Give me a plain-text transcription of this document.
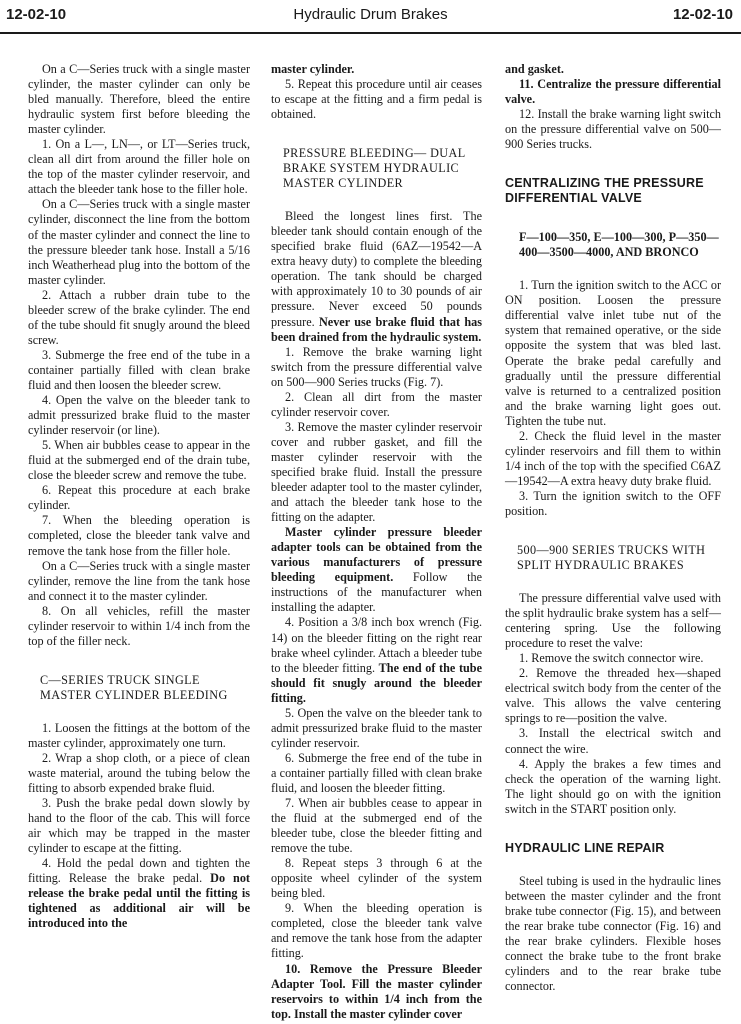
12-02-10	Hydraulic Drum Brakes	12-02-10

On a C—Series truck with a single master cylinder, the master cylinder can only be bled manually. Therefore, bleed the entire hydraulic system first before bleeding the master cylinder.

1. On a L—, LN—, or LT—Series truck, clean all dirt from around the filler hole on the top of the master cylinder reservoir, and attach the bleeder tank hose to the filler hole.

On a C—Series truck with a single master cylinder, disconnect the line from the bottom of the master cylinder and connect the line to the pressure bleeder tank hose. Install a 5/16 inch Weatherhead plug into the bottom of the master cylinder.

2. Attach a rubber drain tube to the bleeder screw of the brake cylinder. The end of the tube should fit snugly around the bleed screw.

3. Submerge the free end of the tube in a container partially filled with clean brake fluid and then loosen the bleeder screw.

4. Open the valve on the bleeder tank to admit pressurized brake fluid to the master cylinder reservoir (or line).

5. When air bubbles cease to appear in the fluid at the submerged end of the drain tube, close the bleeder screw and remove the tube.

6. Repeat this procedure at each brake cylinder.

7. When the bleeding operation is completed, close the bleeder tank valve and remove the tank hose from the filler hole.

On a C—Series truck with a single master cylinder, remove the line from the tank hose and connect it to the master cylinder.

8. On all vehicles, refill the master cylinder reservoir to within 1/4 inch from the top of the filler neck.

C—SERIES TRUCK SINGLE MASTER CYLINDER BLEEDING

1. Loosen the fittings at the bottom of the master cylinder, approximately one turn.

2. Wrap a shop cloth, or a piece of clean waste material, around the tubing below the fitting to absorb expended brake fluid.

3. Push the brake pedal down slowly by hand to the floor of the cab. This will force air which may be trapped in the master cylinder to escape at the fitting.

4. Hold the pedal down and tighten the fitting. Release the brake pedal. Do not release the brake pedal until the fitting is tightened as additional air will be introduced into the

master cylinder.

5. Repeat this procedure until air ceases to escape at the fitting and a firm pedal is obtained.

PRESSURE BLEEDING— DUAL BRAKE SYSTEM HYDRAULIC MASTER CYLINDER

Bleed the longest lines first. The bleeder tank should contain enough of the specified brake fluid (6AZ—19542—A extra heavy duty) to complete the bleeding operation. The tank should be charged with approximately 10 to 30 pounds of air pressure. Never exceed 50 pounds pressure. Never use brake fluid that has been drained from the hydraulic system.

1. Remove the brake warning light switch from the pressure differential valve on 500—900 Series trucks (Fig. 7).

2. Clean all dirt from the master cylinder reservoir cover.

3. Remove the master cylinder reservoir cover and rubber gasket, and fill the master cylinder reservoir with the specified brake fluid. Install the pressure bleeder adapter tool to the master cylinder, and attach the bleeder tank hose to the fitting on the adapter.

Master cylinder pressure bleeder adapter tools can be obtained from the various manufacturers of pressure bleeding equipment. Follow the instructions of the manufacturer when installing the adapter.

4. Position a 3/8 inch box wrench (Fig. 14) on the bleeder fitting on the right rear brake wheel cylinder. Attach a bleeder tube to the bleeder fitting. The end of the tube should fit snugly around the bleeder fitting.

5. Open the valve on the bleeder tank to admit pressurized brake fluid to the master cylinder reservoir.

6. Submerge the free end of the tube in a container partially filled with clean brake fluid, and loosen the bleeder fitting.

7. When air bubbles cease to appear in the fluid at the submerged end of the bleeder tube, close the bleeder fitting and remove the tube.

8. Repeat steps 3 through 6 at the opposite wheel cylinder of the system being bled.

9. When the bleeding operation is completed, close the bleeder tank valve and remove the tank hose from the adapter fitting.

10. Remove the Pressure Bleeder Adapter Tool. Fill the master cylinder reservoirs to within 1/4 inch from the top. Install the master cylinder cover

and gasket.

11. Centralize the pressure differential valve.

12. Install the brake warning light switch on the pressure differential valve on 500—900 Series trucks.

CENTRALIZING THE PRESSURE DIFFERENTIAL VALVE
F—100—350, E—100—300, P—350—400—3500—4000, AND BRONCO

1. Turn the ignition switch to the ACC or ON position. Loosen the pressure differential valve inlet tube nut of the system that remained operative, or the side opposite the system that was bled last. Operate the brake pedal carefully and gradually until the pressure differential valve is returned to a centralized position and the brake warning light goes out. Tighten the tube nut.

2. Check the fluid level in the master cylinder reservoirs and fill them to within 1/4 inch of the top with the specified C6AZ—19542—A extra heavy duty brake fluid.

3. Turn the ignition switch to the OFF position.

500—900 SERIES TRUCKS WITH SPLIT HYDRAULIC BRAKES

The pressure differential valve used with the split hydraulic brake system has a self—centering spring. Use the following procedure to reset the valve:

1. Remove the switch connector wire.

2. Remove the threaded hex—shaped electrical switch body from the center of the valve. This allows the valve centering springs to re—position the valve.

3. Install the electrical switch and connect the wire.

4. Apply the brakes a few times and check the operation of the warning light. The light should go on with the ignition switch in the START position only.

HYDRAULIC LINE REPAIR

Steel tubing is used in the hydraulic lines between the master cylinder and the front brake tube connector (Fig. 15), and between the rear brake tube connector (Fig. 16) and the rear brake cylinders. Flexible hoses connect the brake tube to the front brake cylinders and to the rear brake tube connector.
